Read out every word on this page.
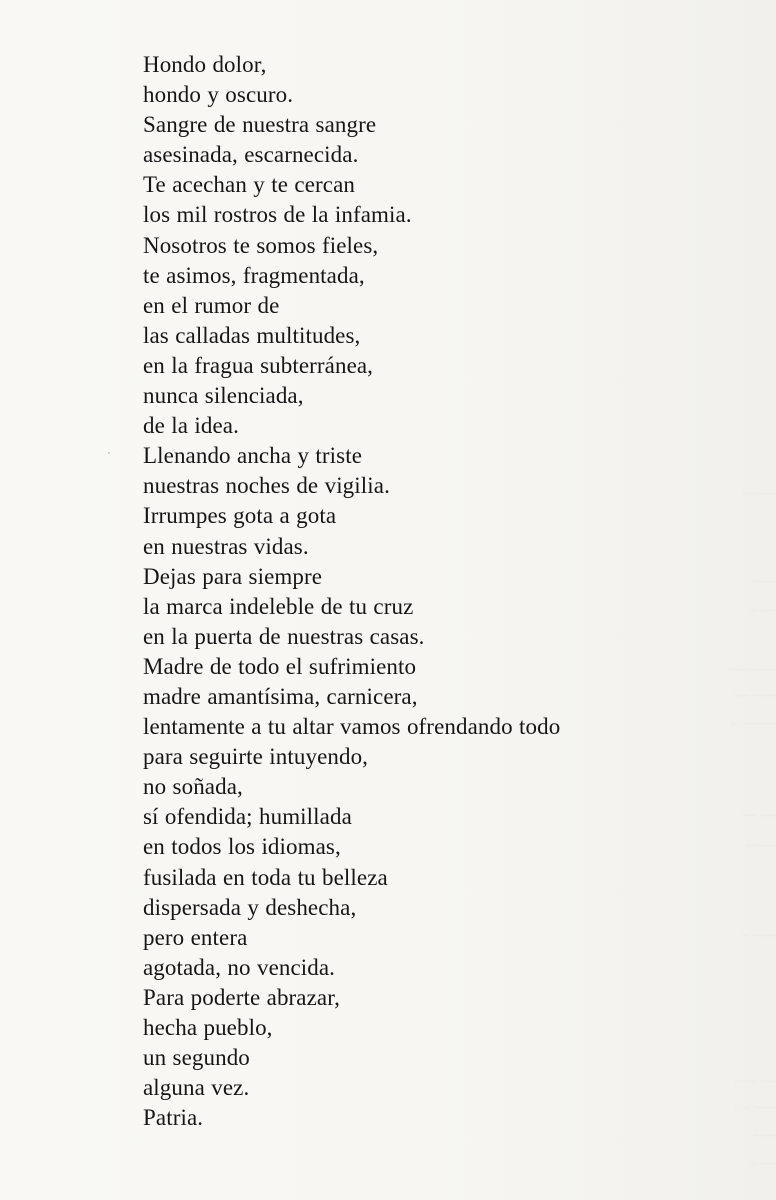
~ ~~~
~~~
~ ~~
~~~ ~~~
~~ ~~~
~~~~~~
~~ ~~
~~~~
~ ~~~
~~~ ~~
~~ ~~~
~~~
~ ~~
Hondo dolor,
hondo y oscuro.
Sangre de nuestra sangre
asesinada, escarnecida.
Te acechan y te cercan
los mil rostros de la infamia.
Nosotros te somos fieles,
te asimos, fragmentada,
en el rumor de
las calladas multitudes,
en la fragua subterránea,
nunca silenciada,
de la idea.
Llenando ancha y triste
nuestras noches de vigilia.
Irrumpes gota a gota
en nuestras vidas.
Dejas para siempre
la marca indeleble de tu cruz
en la puerta de nuestras casas.
Madre de todo el sufrimiento
madre amantísima, carnicera,
lentamente a tu altar vamos ofrendando todo
para seguirte intuyendo,
no soñada,
sí ofendida; humillada
en todos los idiomas,
fusilada en toda tu belleza
dispersada y deshecha,
pero entera
agotada, no vencida.
Para poderte abrazar,
hecha pueblo,
un segundo
alguna vez.
Patria.
